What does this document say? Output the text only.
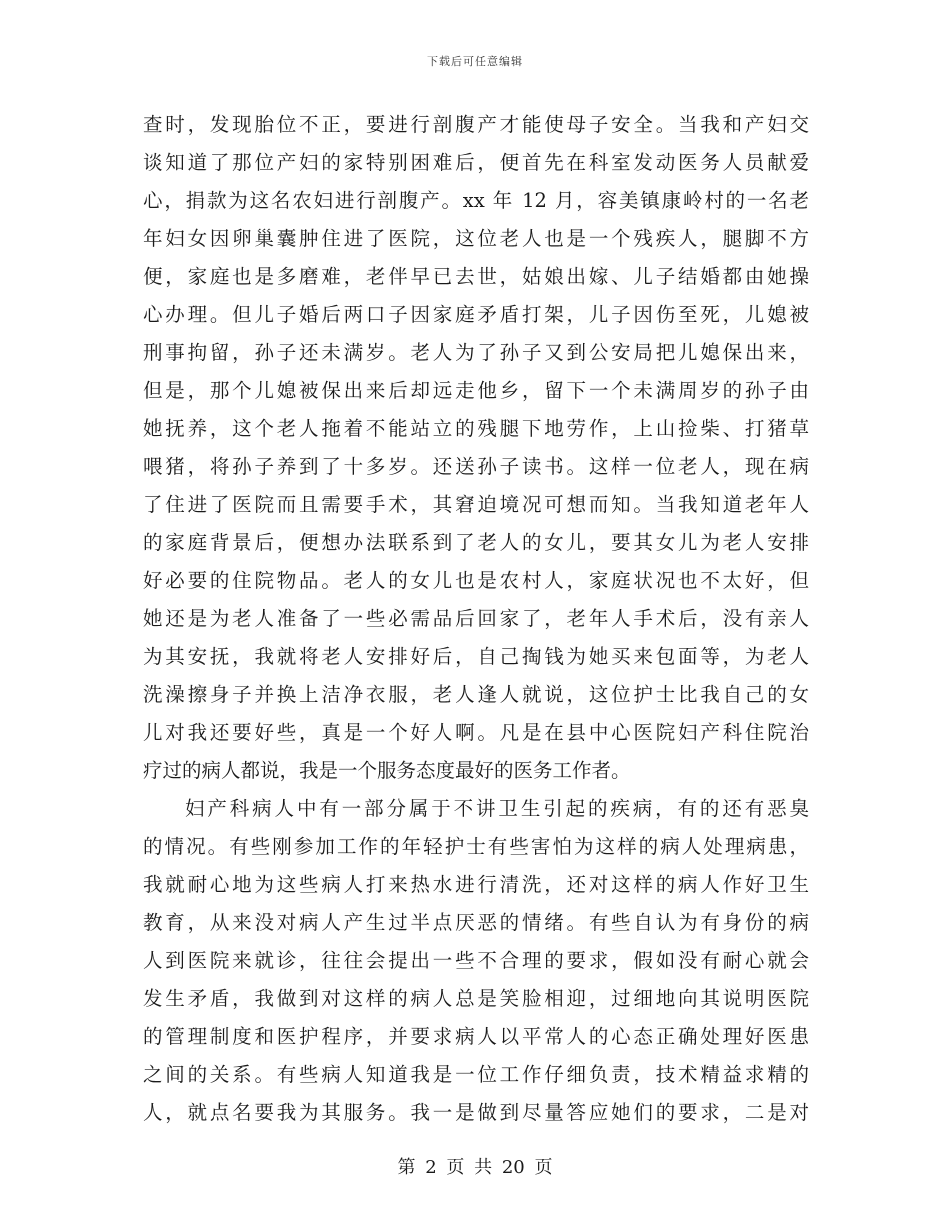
下载后可任意编辑
查时，发现胎位不正，要进行剖腹产才能使母子安全。当我和产妇交
谈知道了那位产妇的家特别困难后，便首先在科室发动医务人员献爱
心，捐款为这名农妇进行剖腹产。xx 年 12 月，容美镇康岭村的一名老
年妇女因卵巢囊肿住进了医院，这位老人也是一个残疾人，腿脚不方
便，家庭也是多磨难，老伴早已去世，姑娘出嫁、儿子结婚都由她操
心办理。但儿子婚后两口子因家庭矛盾打架，儿子因伤至死，儿媳被
刑事拘留，孙子还未满岁。老人为了孙子又到公安局把儿媳保出来，
但是，那个儿媳被保出来后却远走他乡，留下一个未满周岁的孙子由
她抚养，这个老人拖着不能站立的残腿下地劳作，上山捡柴、打猪草
喂猪，将孙子养到了十多岁。还送孙子读书。这样一位老人，现在病
了住进了医院而且需要手术，其窘迫境况可想而知。当我知道老年人
的家庭背景后，便想办法联系到了老人的女儿，要其女儿为老人安排
好必要的住院物品。老人的女儿也是农村人，家庭状况也不太好，但
她还是为老人准备了一些必需品后回家了，老年人手术后，没有亲人
为其安抚，我就将老人安排好后，自己掏钱为她买来包面等，为老人
洗澡擦身子并换上洁净衣服，老人逢人就说，这位护士比我自己的女
儿对我还要好些，真是一个好人啊。凡是在县中心医院妇产科住院治
疗过的病人都说，我是一个服务态度最好的医务工作者。
妇产科病人中有一部分属于不讲卫生引起的疾病，有的还有恶臭
的情况。有些刚参加工作的年轻护士有些害怕为这样的病人处理病患，
我就耐心地为这些病人打来热水进行清洗，还对这样的病人作好卫生
教育，从来没对病人产生过半点厌恶的情绪。有些自认为有身份的病
人到医院来就诊，往往会提出一些不合理的要求，假如没有耐心就会
发生矛盾，我做到对这样的病人总是笑脸相迎，过细地向其说明医院
的管理制度和医护程序，并要求病人以平常人的心态正确处理好医患
之间的关系。有些病人知道我是一位工作仔细负责，技术精益求精的
人，就点名要我为其服务。我一是做到尽量答应她们的要求，二是对
第 2 页 共 20 页
